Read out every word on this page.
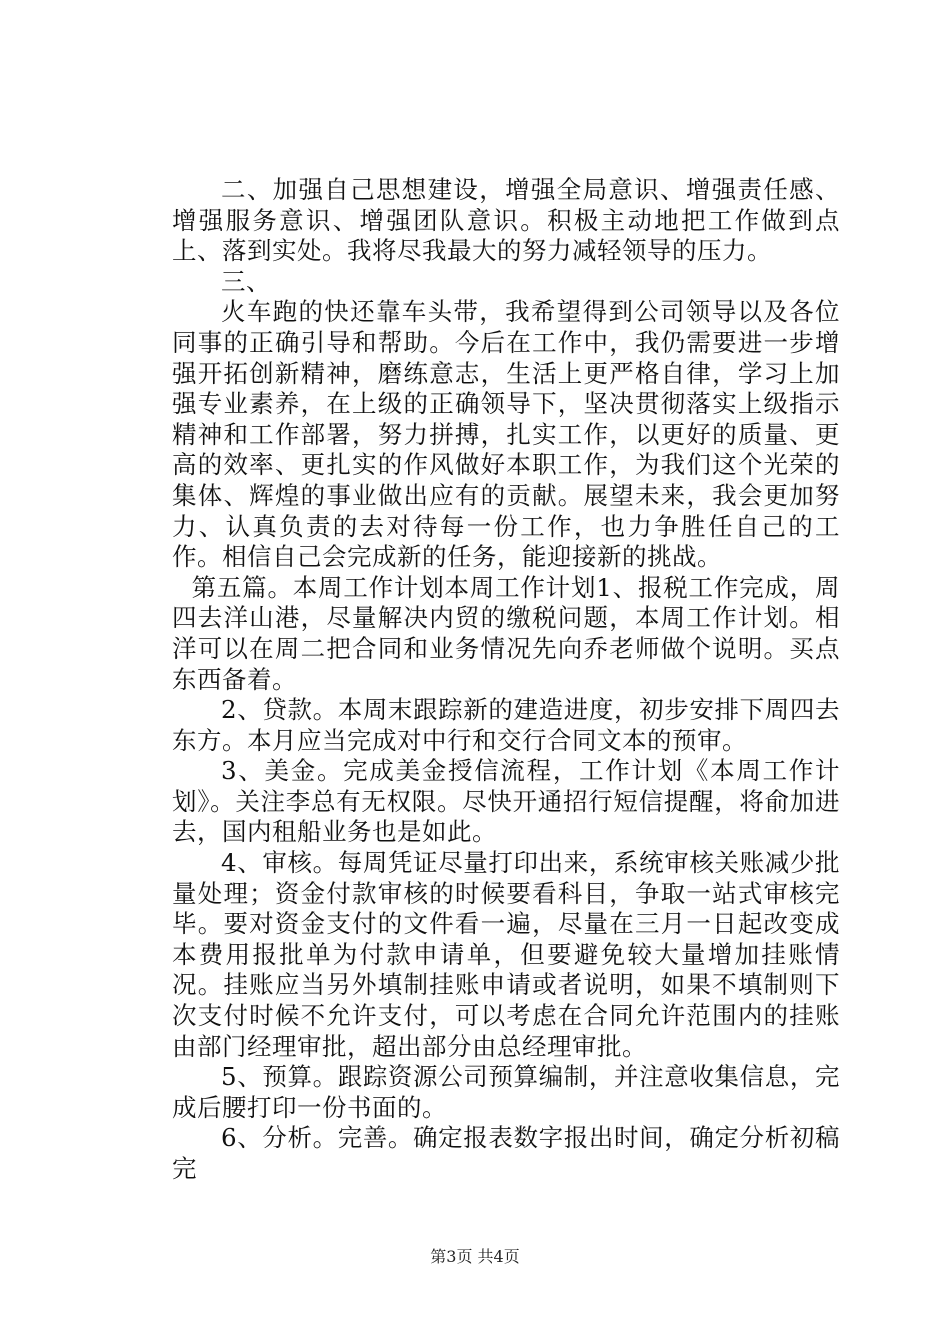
二、加强自己思想建设，增强全局意识、增强责任感、增强服务意识、增强团队意识。积极主动地把工作做到点上、落到实处。我将尽我最大的努力减轻领导的压力。

三、

火车跑的快还靠车头带，我希望得到公司领导以及各位同事的正确引导和帮助。今后在工作中，我仍需要进一步增强开拓创新精神，磨练意志，生活上更严格自律，学习上加强专业素养，在上级的正确领导下，坚决贯彻落实上级指示精神和工作部署，努力拼搏，扎实工作，以更好的质量、更高的效率、更扎实的作风做好本职工作，为我们这个光荣的集体、辉煌的事业做出应有的贡献。展望未来，我会更加努力、认真负责的去对待每一份工作，也力争胜任自己的工作。相信自己会完成新的任务，能迎接新的挑战。

第五篇。本周工作计划本周工作计划1、报税工作完成，周四去洋山港，尽量解决内贸的缴税问题，本周工作计划。相洋可以在周二把合同和业务情况先向乔老师做个说明。买点东西备着。

2、贷款。本周末跟踪新的建造进度，初步安排下周四去东方。本月应当完成对中行和交行合同文本的预审。

3、美金。完成美金授信流程，工作计划《本周工作计划》。关注李总有无权限。尽快开通招行短信提醒，将俞加进去，国内租船业务也是如此。

4、审核。每周凭证尽量打印出来，系统审核关账减少批量处理；资金付款审核的时候要看科目，争取一站式审核完毕。要对资金支付的文件看一遍，尽量在三月一日起改变成本费用报批单为付款申请单，但要避免较大量增加挂账情况。挂账应当另外填制挂账申请或者说明，如果不填制则下次支付时候不允许支付，可以考虑在合同允许范围内的挂账由部门经理审批，超出部分由总经理审批。

5、预算。跟踪资源公司预算编制，并注意收集信息，完成后腰打印一份书面的。

6、分析。完善。确定报表数字报出时间，确定分析初稿完

第3页 共4页
